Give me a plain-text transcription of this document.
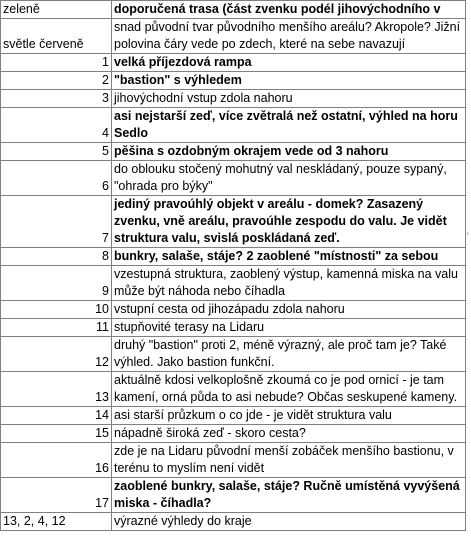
zeleně	doporučená trasa (část zvenku podél jihovýchodního v
světle červeně	snad původní tvar původního menšího areálu? Akropole? Jižní polovina čáry vede po zdech, které na sebe navazují
1	velká příjezdová rampa
2	"bastion" s výhledem
3	jihovýchodní vstup zdola nahoru
4	asi nejstarší zeď, více zvětralá než ostatní, výhled na horu Sedlo
5	pěšina s ozdobným okrajem vede od 3 nahoru
6	do oblouku stočený mohutný val neskládaný, pouze sypaný, "ohrada pro býky"
7	jediný pravoúhlý objekt v areálu - domek? Zasazený zvenku, vně areálu, pravoúhle zespodu do valu. Je vidět struktura valu, svislá poskládaná zeď.
8	bunkry, salaše, stáje? 2 zaoblené "místnosti" za sebou
9	vzestupná struktura, zaoblený výstup, kamenná miska na valu může být náhoda nebo číhadla
10	vstupní cesta od jihozápadu zdola nahoru
11	stupňovité terasy na Lidaru
12	druhý "bastion" proti 2, méně výrazný, ale proč tam je? Také výhled. Jako bastion funkční.
13	aktuálně kdosi velkoplošně zkoumá co je pod ornicí - je tam kamení, orná půda to asi nebude? Občas seskupené kameny.
14	asi starší průzkum o co jde - je vidět struktura valu
15	nápadně široká zeď - skoro cesta?
16	zde je na Lidaru původní menší zobáček menšího bastionu, v terénu to myslím není vidět
17	zaoblené bunkry, salaše, stáje? Ručně umístěná vyvýšená miska - číhadla?
13, 2, 4, 12	výrazné výhledy do kraje
'
